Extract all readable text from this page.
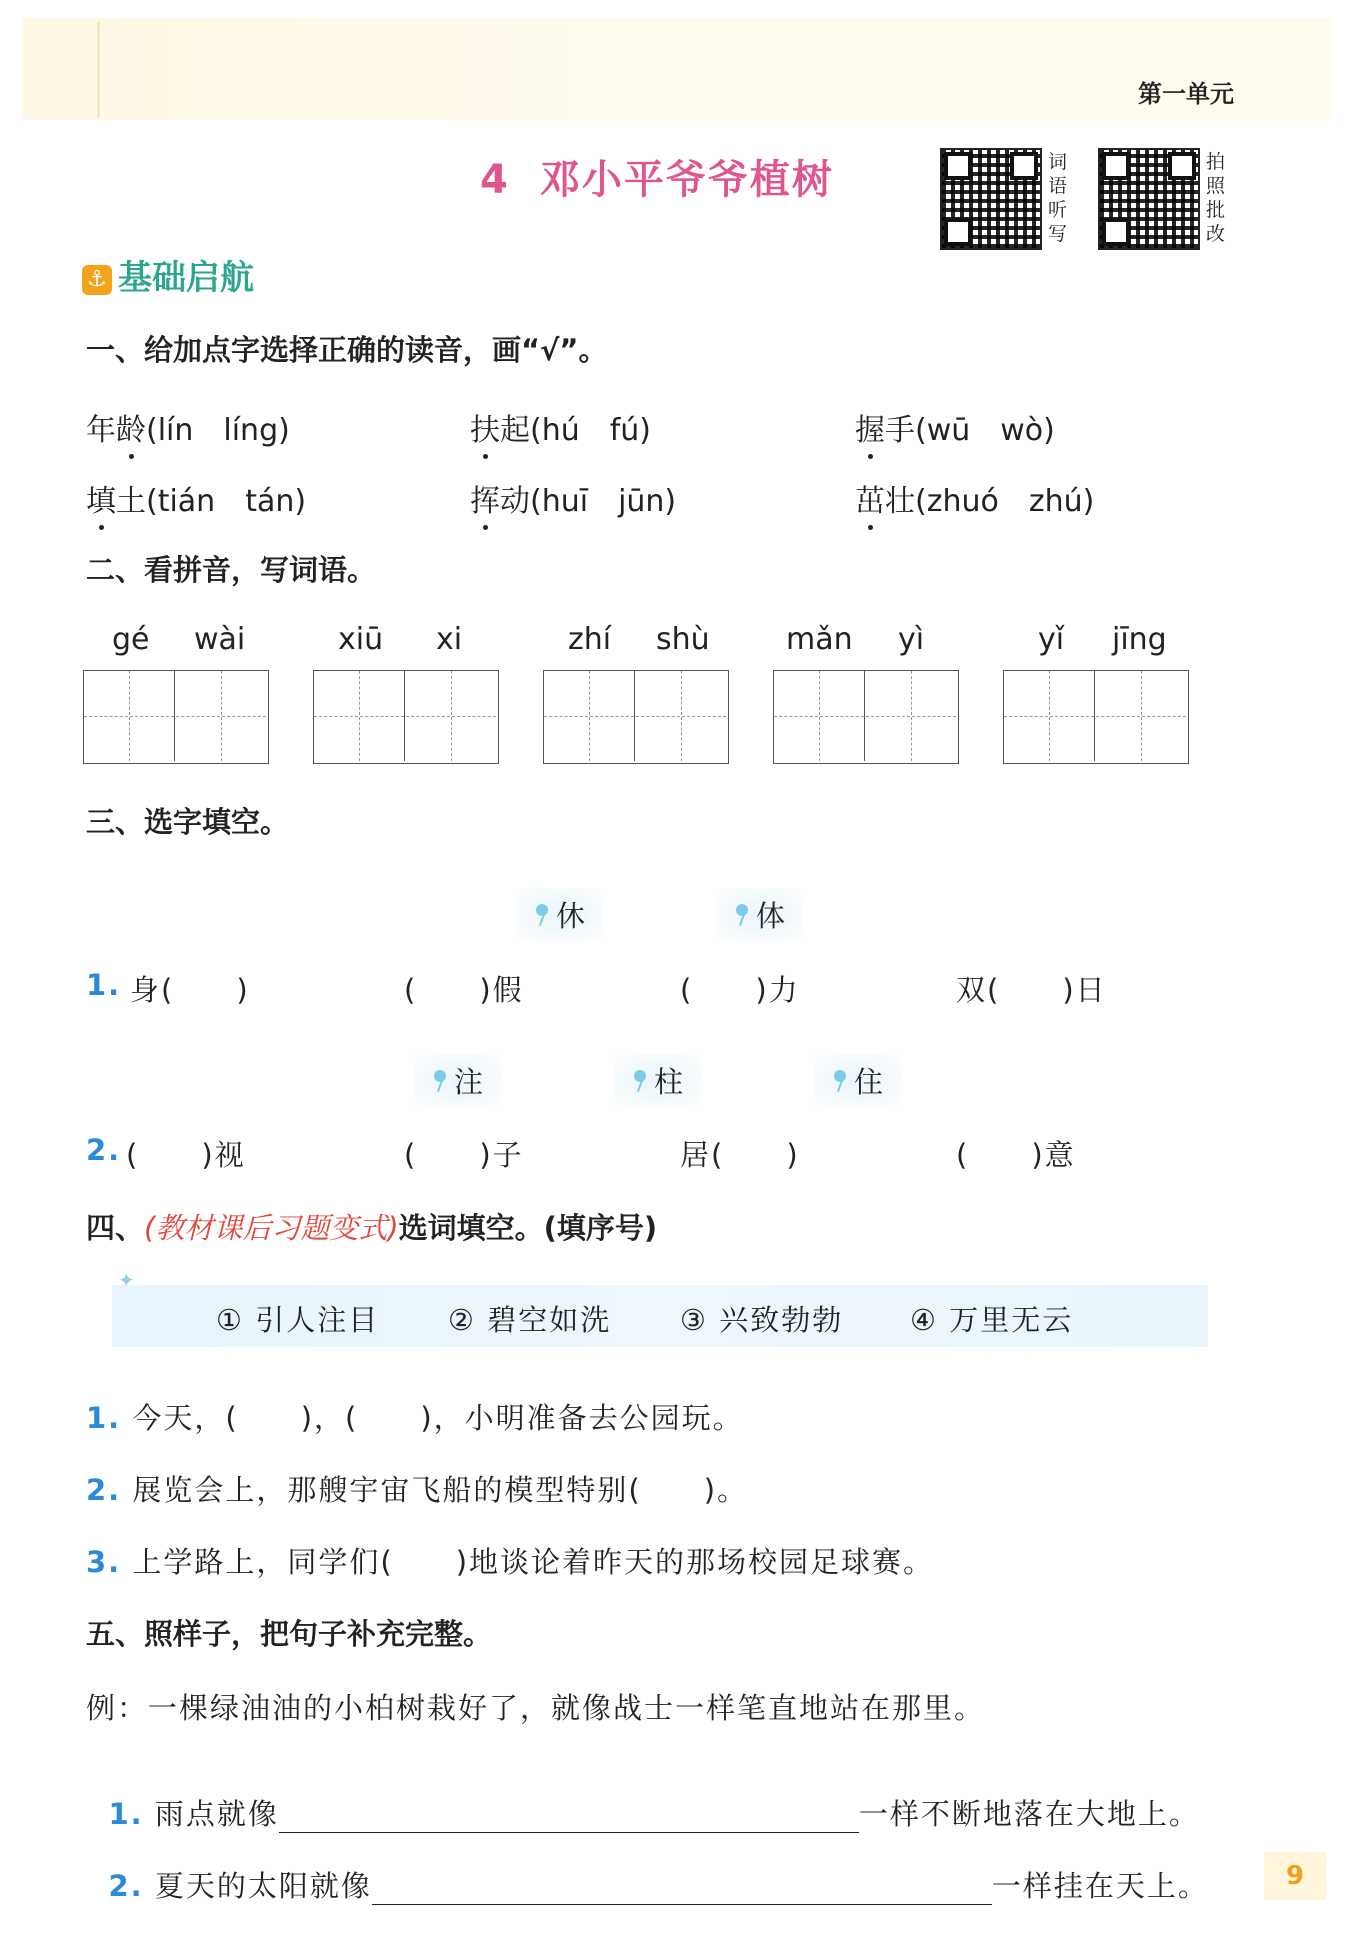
第一单元
4 邓小平爷爷植树	词
语
听
写
拍
照
批
改
⚓ 基础启航
一、给加点字选择正确的读音，画“√”。
年龄(lín　líng)	扶起(hú　fú)	握手(wū　wò)
填土(tián　tán)	挥动(huī　jūn)	茁壮(zhuó　zhú)
二、看拼音，写词语。
gé wài	xiū xi	zhí shù	mǎn yì	yǐ jīng
三、选字填空。
休	体
1. 身(　　)	(　　)假	(　　)力	双(　　)日
注	柱	住
2. (　　)视	(　　)子	居(　　)	(　　)意
四、(教材课后习题变式)选词填空。(填序号)
✦
① 引人注目 ② 碧空如洗 ③ 兴致勃勃 ④ 万里无云
1. 今天，(　　)，(　　)，小明准备去公园玩。
2. 展览会上，那艘宇宙飞船的模型特别(　　)。
3. 上学路上，同学们(　　)地谈论着昨天的那场校园足球赛。
五、照样子，把句子补充完整。
例：一棵绿油油的小柏树栽好了，就像战士一样笔直地站在那里。

1. 雨点就像	一样不断地落在大地上。

2. 夏天的太阳就像	一样挂在天上。	9
